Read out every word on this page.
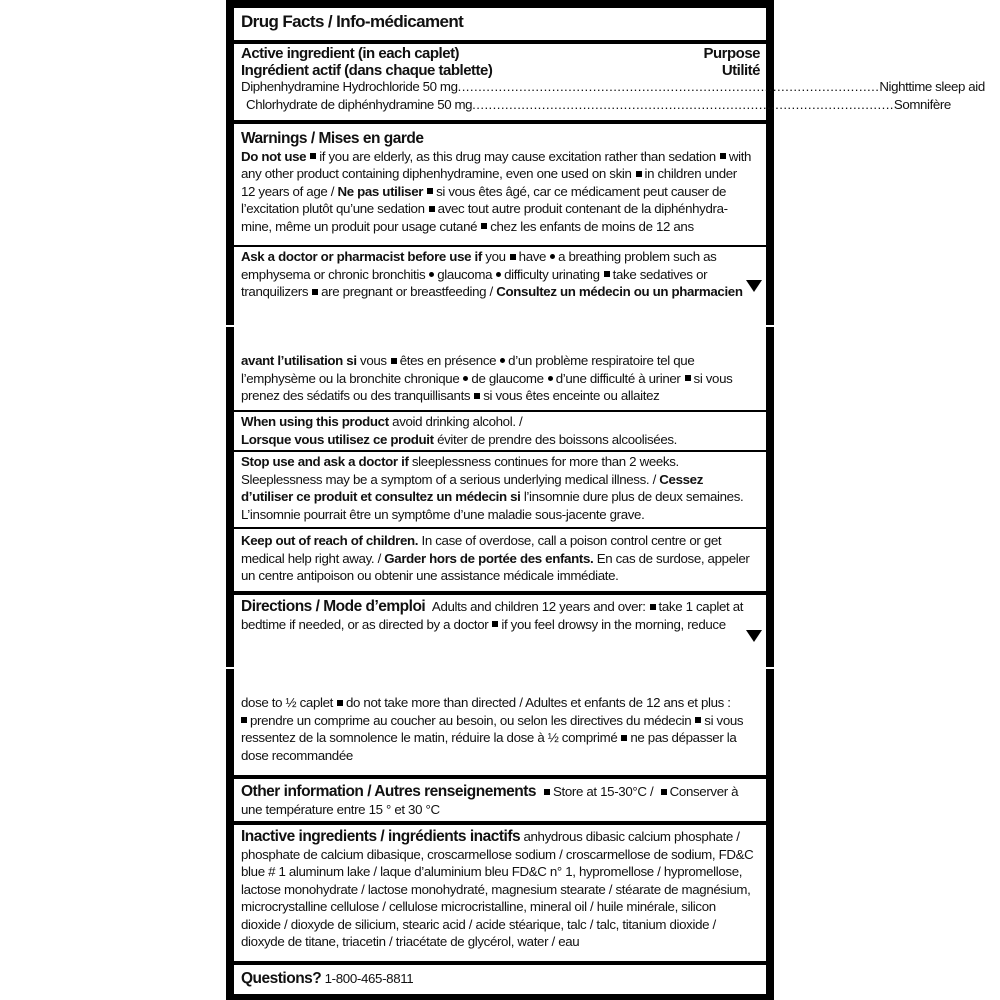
Drug Facts / Info-médicament
Active ingredient (in each caplet)	Purpose
Ingrédient actif (dans chaque tablette)	Utilité
Diphenhydramine Hydrochloride 50 mg ....................................................................................................... Nighttime sleep aid
Chlorhydrate de diphénhydramine 50 mg ....................................................................................................... Somnifère
Warnings / Mises en garde
Do not use if you are elderly, as this drug may cause excitation rather than sedation with
any other product containing diphenhydramine, even one used on skin in children under
12 years of age / Ne pas utiliser si vous êtes âgé, car ce médicament peut causer de
l’excitation plutôt qu’une sedation avec tout autre produit contenant de la diphénhydra-
mine, même un produit pour usage cutané chez les enfants de moins de 12 ans
Ask a doctor or pharmacist before use if you have a breathing problem such as
emphysema or chronic bronchitis glaucoma difficulty urinating take sedatives or
tranquilizers are pregnant or breastfeeding / Consultez un médecin ou un pharmacien
avant l’utilisation si vous êtes en présence d’un problème respiratoire tel que
l’emphysème ou la bronchite chronique de glaucome d’une difficulté à uriner si vous
prenez des sédatifs ou des tranquillisants si vous êtes enceinte ou allaitez
When using this product avoid drinking alcohol. /
Lorsque vous utilisez ce produit éviter de prendre des boissons alcoolisées.
Stop use and ask a doctor if sleeplessness continues for more than 2 weeks.
Sleeplessness may be a symptom of a serious underlying medical illness. / Cessez
d’utiliser ce produit et consultez un médecin si l’insomnie dure plus de deux semaines.
L’insomnie pourrait être un symptôme d’une maladie sous-jacente grave.
Keep out of reach of children. In case of overdose, call a poison control centre or get
medical help right away. / Garder hors de portée des enfants. En cas de surdose, appeler
un centre antipoison ou obtenir une assistance médicale immédiate.
Directions / Mode d’emploi Adults and children 12 years and over: take 1 caplet at
bedtime if needed, or as directed by a doctor if you feel drowsy in the morning, reduce
dose to ½ caplet do not take more than directed / Adultes et enfants de 12 ans et plus :
prendre un comprime au coucher au besoin, ou selon les directives du médecin si vous
ressentez de la somnolence le matin, réduire la dose à ½ comprimé ne pas dépasser la
dose recommandée
Other information / Autres renseignements Store at 15-30°C / Conserver à
une température entre 15 ° et 30 °C
Inactive ingredients / ingrédients inactifs anhydrous dibasic calcium phosphate /
phosphate de calcium dibasique, croscarmellose sodium / croscarmellose de sodium, FD&C
blue # 1 aluminum lake / laque d’aluminium bleu FD&C n° 1, hypromellose / hypromellose,
lactose monohydrate / lactose monohydraté, magnesium stearate / stéarate de magnésium,
microcrystalline cellulose / cellulose microcristalline, mineral oil / huile minérale, silicon
dioxide / dioxyde de silicium, stearic acid / acide stéarique, talc / talc, titanium dioxide /
dioxyde de titane, triacetin / triacétate de glycérol, water / eau
Questions? 1-800-465-8811
